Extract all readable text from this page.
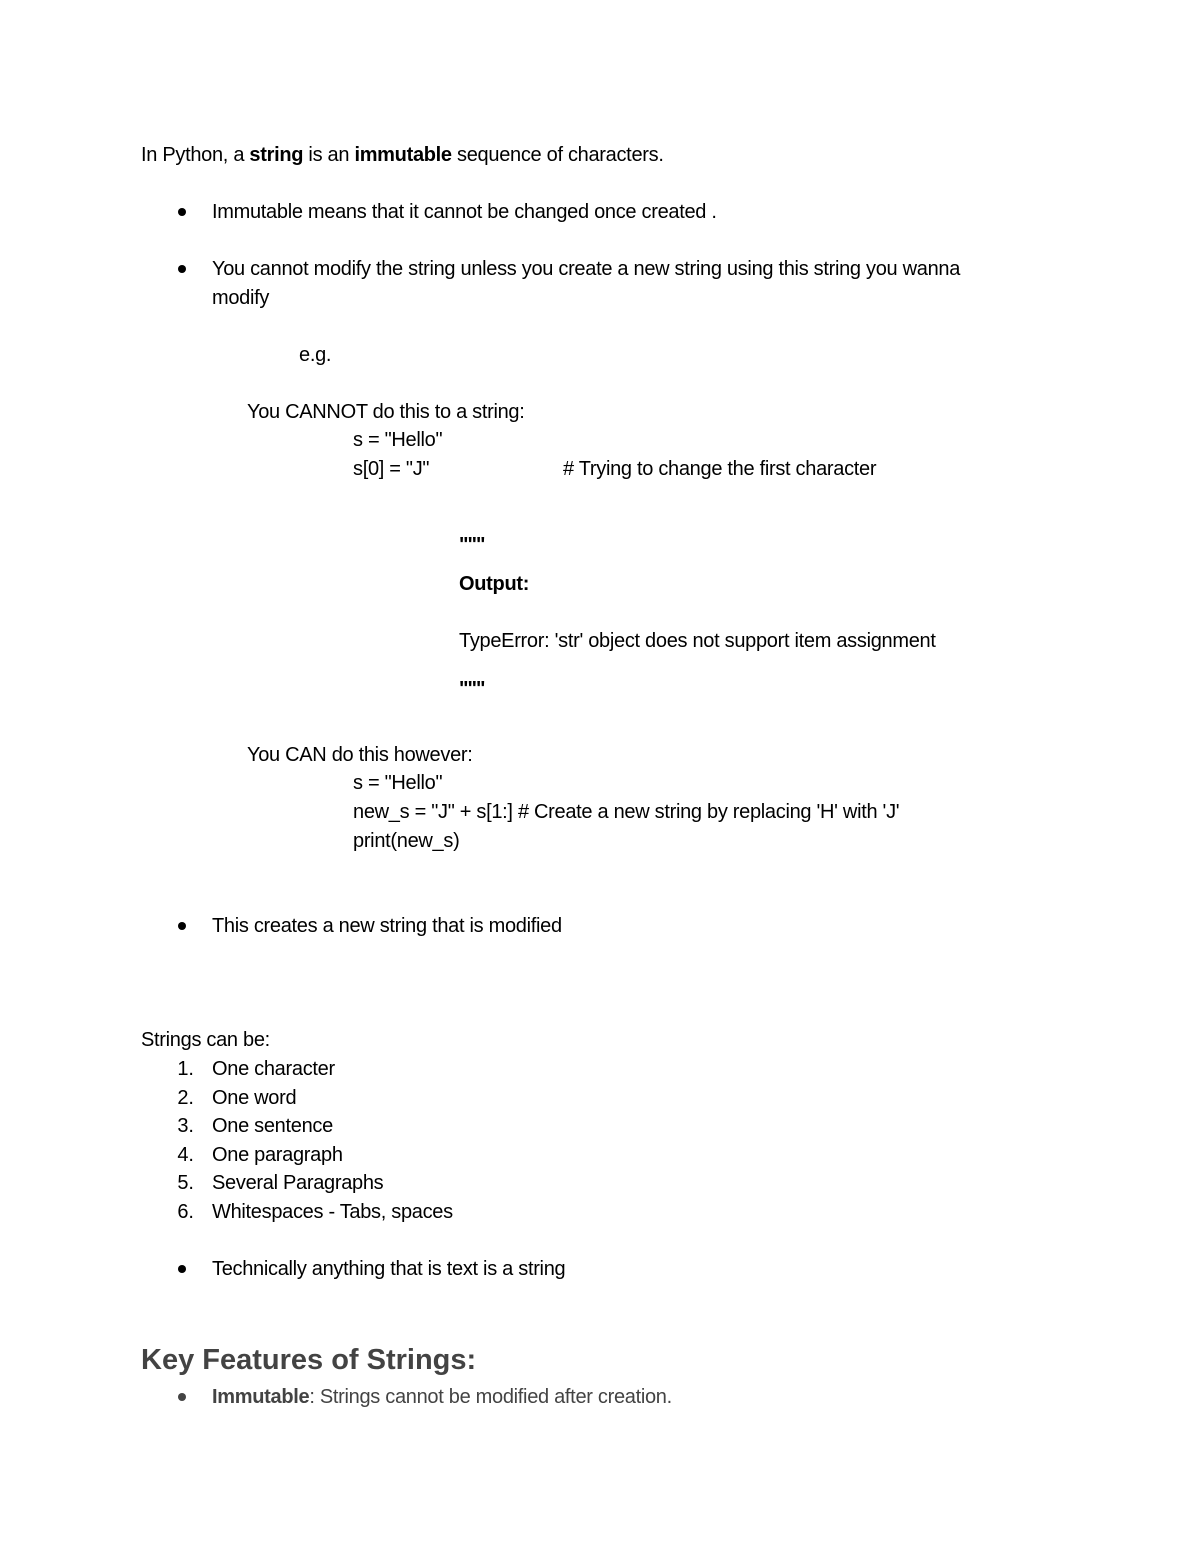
In Python, a string is an immutable sequence of characters.
Immutable means that it cannot be changed once created .
You cannot modify the string unless you create a new string using this string you wanna
modify
e.g.
You CANNOT do this to a string:
s = "Hello"
s[0] = "J"	# Trying to change the first character
"""
Output:
TypeError: 'str' object does not support item assignment
"""
You CAN do this however:
s = "Hello"
new_s = "J" + s[1:] # Create a new string by replacing 'H' with 'J'
print(new_s)
This creates a new string that is modified
Strings can be:
1. One character
2. One word
3. One sentence
4. One paragraph
5. Several Paragraphs
6. Whitespaces - Tabs, spaces
Technically anything that is text is a string
Key Features of Strings:
Immutable: Strings cannot be modified after creation.
